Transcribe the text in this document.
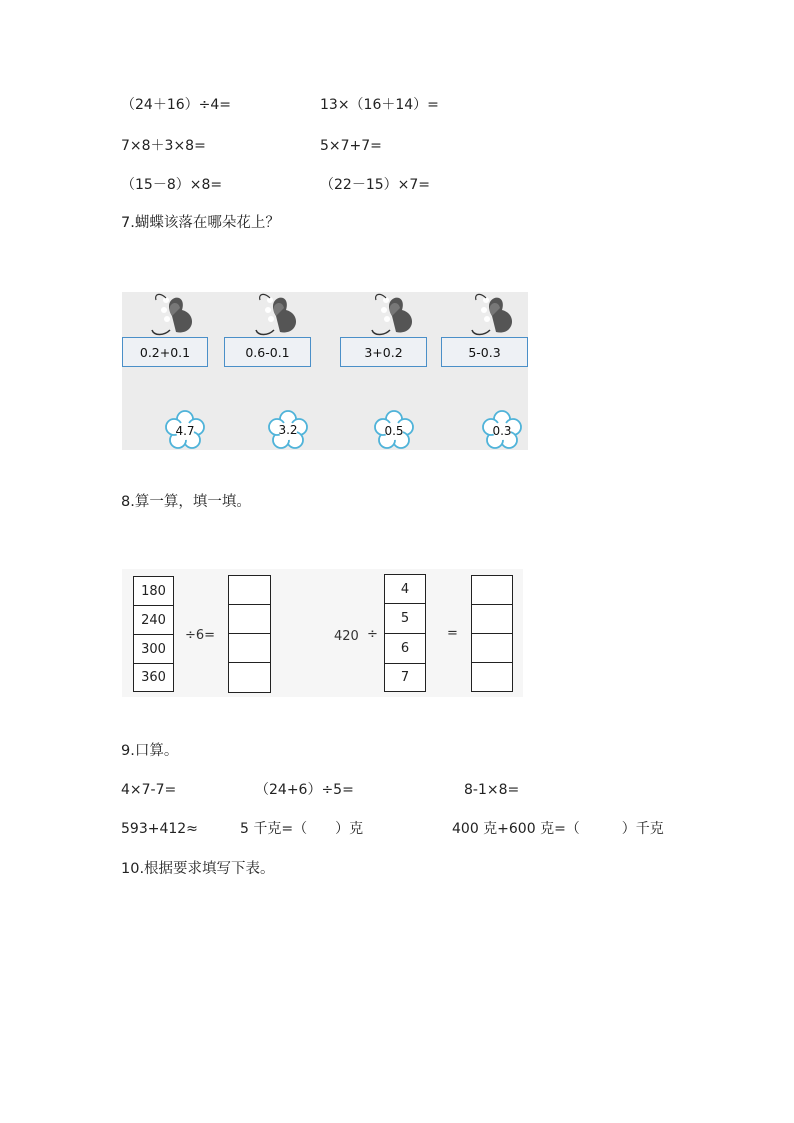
（24＋16）÷4=	13×（16＋14）=
7×8＋3×8=	5×7+7=
（15－8）×8=	（22－15）×7=
7.蝴蝶该落在哪朵花上？
0.2+0.1	0.6-0.1	3+0.2	5-0.3
4.7	3.2	0.5	0.3
8.算一算，填一填。
180
240
300
360
÷6=	420 ÷
4
5
6
7
=
9.口算。
4×7-7=	（24+6）÷5=	8-1×8=
593+412≈	5 千克=（　　）克	400 克+600 克=（　　　）千克
10.根据要求填写下表。
